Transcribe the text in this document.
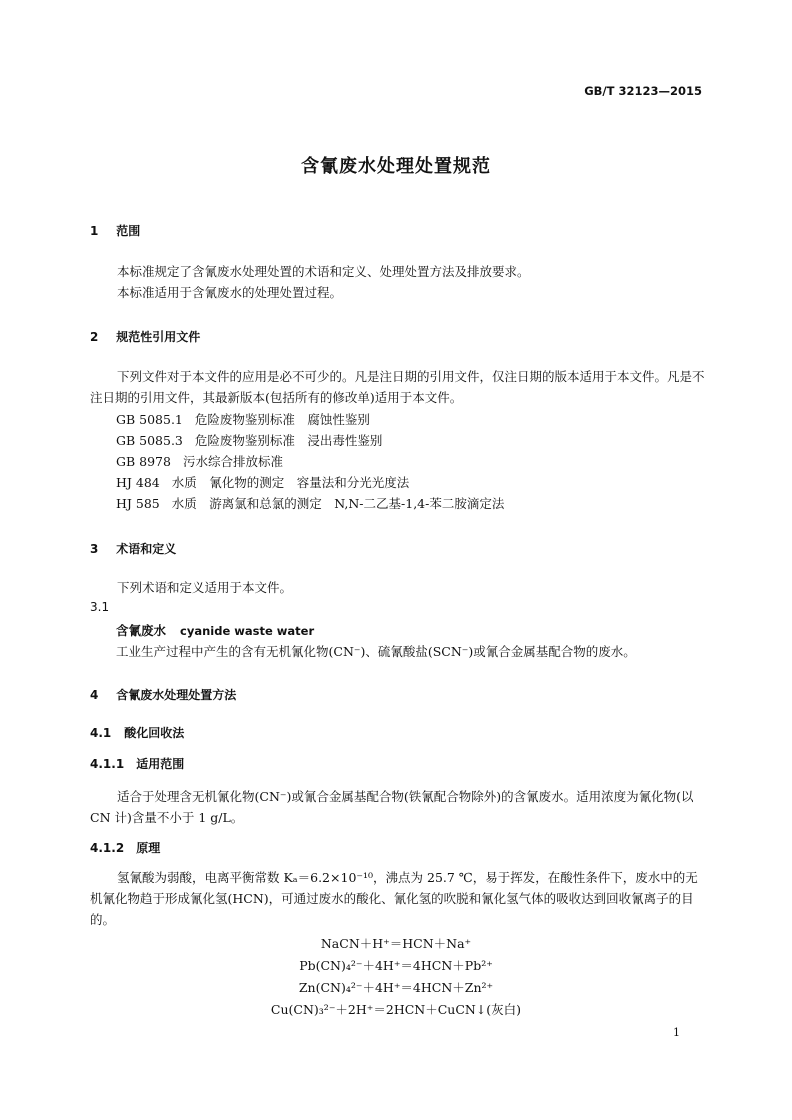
GB/T 32123—2015
含氰废水处理处置规范
1 范围
本标准规定了含氰废水处理处置的术语和定义、处理处置方法及排放要求。
本标准适用于含氰废水的处理处置过程。
2 规范性引用文件
下列文件对于本文件的应用是必不可少的。凡是注日期的引用文件，仅注日期的版本适用于本文件。凡是不注日期的引用文件，其最新版本(包括所有的修改单)适用于本文件。
GB 5085.1 危险废物鉴别标准　腐蚀性鉴别
GB 5085.3 危险废物鉴别标准　浸出毒性鉴别
GB 8978 污水综合排放标准
HJ 484 水质　氰化物的测定　容量法和分光光度法
HJ 585 水质　游离氯和总氯的测定　N,N-二乙基-1,4-苯二胺滴定法
3 术语和定义
下列术语和定义适用于本文件。
3.1
含氰废水 cyanide waste water
工业生产过程中产生的含有无机氰化物(CN⁻)、硫氰酸盐(SCN⁻)或氰合金属基配合物的废水。
4 含氰废水处理处置方法
4.1 酸化回收法
4.1.1 适用范围
适合于处理含无机氰化物(CN⁻)或氰合金属基配合物(铁氰配合物除外)的含氰废水。适用浓度为氰化物(以 CN 计)含量不小于 1 g/L。
4.1.2 原理
氢氰酸为弱酸，电离平衡常数 Kₐ＝6.2×10⁻¹⁰，沸点为 25.7 ℃，易于挥发，在酸性条件下，废水中的无机氰化物趋于形成氰化氢(HCN)，可通过废水的酸化、氰化氢的吹脱和氰化氢气体的吸收达到回收氰离子的目的。
NaCN＋H⁺＝HCN＋Na⁺
Pb(CN)₄²⁻＋4H⁺＝4HCN＋Pb²⁺
Zn(CN)₄²⁻＋4H⁺＝4HCN＋Zn²⁺
Cu(CN)₃²⁻＋2H⁺＝2HCN＋CuCN↓(灰白)
1
